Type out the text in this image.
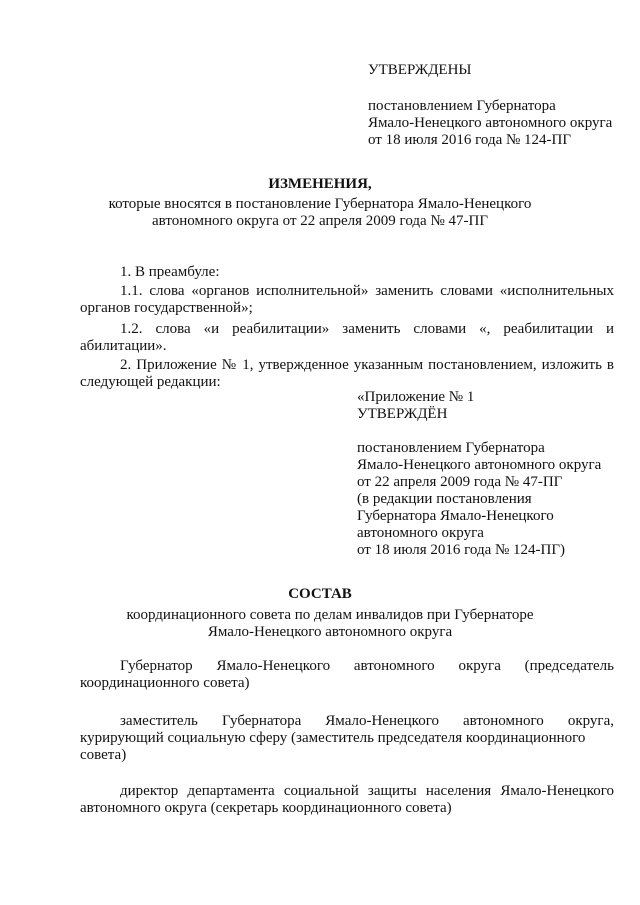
УТВЕРЖДЕНЫ
постановлением Губернатора
Ямало-Ненецкого автономного округа
от 18 июля 2016 года № 124-ПГ
ИЗМЕНЕНИЯ,
которые вносятся в постановление Губернатора Ямало-Ненецкого
автономного округа от 22 апреля 2009 года № 47-ПГ
1. В преамбуле:
1.1. слова «органов исполнительной» заменить словами «исполнительных
органов государственной»;
1.2. слова «и реабилитации» заменить словами «, реабилитации и
абилитации».
2. Приложение № 1, утвержденное указанным постановлением, изложить в
следующей редакции:
«Приложение № 1
УТВЕРЖДЁН
постановлением Губернатора
Ямало-Ненецкого автономного округа
от 22 апреля 2009 года № 47-ПГ
(в редакции постановления
Губернатора Ямало-Ненецкого
автономного округа
от 18 июля 2016 года № 124-ПГ)
СОСТАВ
координационного совета по делам инвалидов при Губернаторе
Ямало-Ненецкого автономного округа
Губернатор Ямало-Ненецкого автономного округа (председатель
координационного совета)
заместитель Губернатора Ямало-Ненецкого автономного округа,
курирующий социальную сферу (заместитель председателя координационного
совета)
директор департамента социальной защиты населения Ямало-Ненецкого
автономного округа (секретарь координационного совета)
